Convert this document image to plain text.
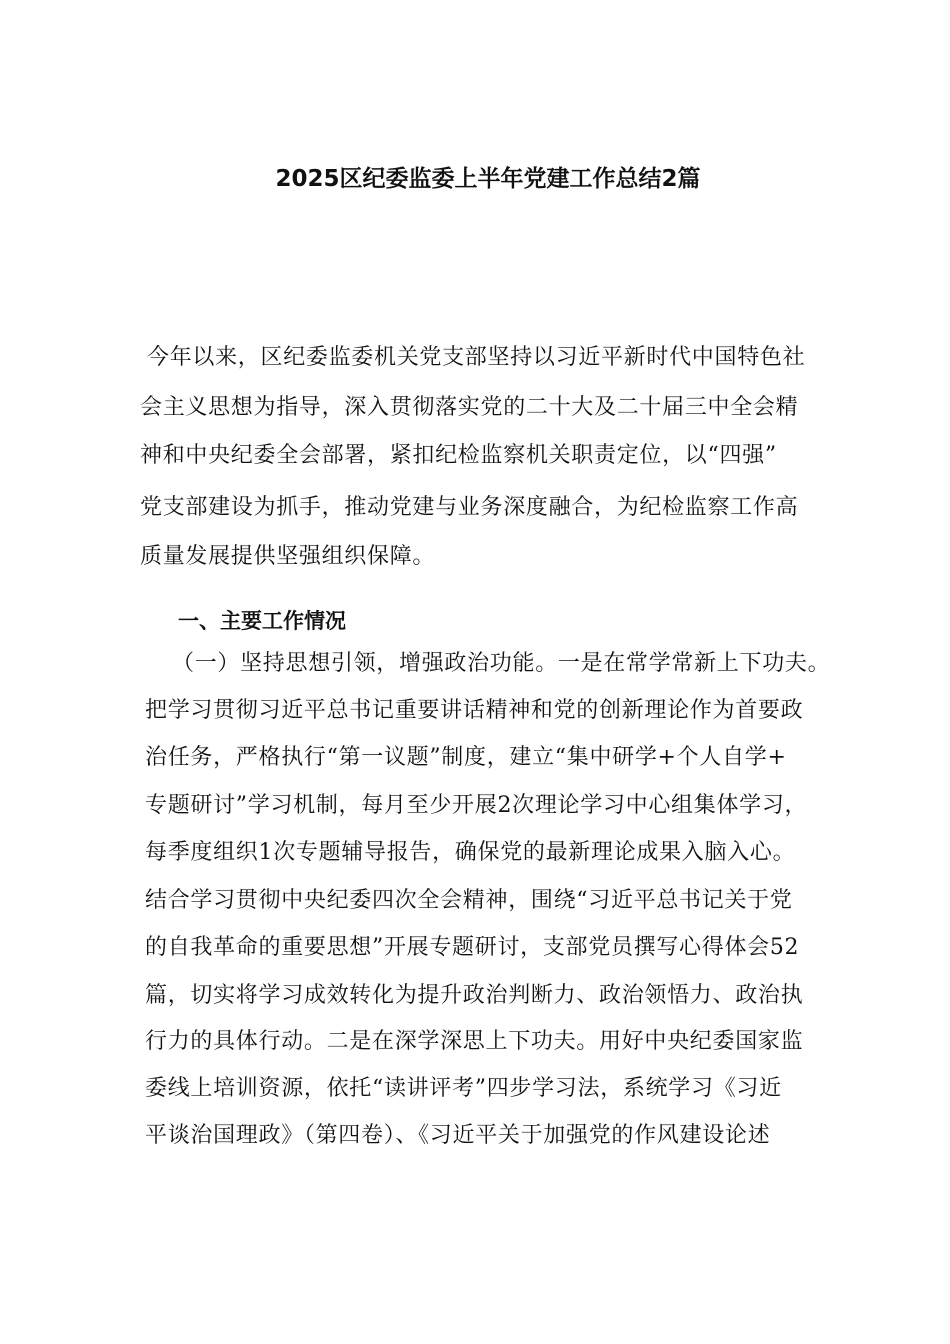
2025区纪委监委上半年党建工作总结2篇
今年以来，区纪委监委机关党支部坚持以习近平新时代中国特色社
会主义思想为指导，深入贯彻落实党的二十大及二十届三中全会精
神和中央纪委全会部署，紧扣纪检监察机关职责定位，以“四强”
党支部建设为抓手，推动党建与业务深度融合，为纪检监察工作高
质量发展提供坚强组织保障。
一、主要工作情况
（一）坚持思想引领，增强政治功能。一是在常学常新上下功夫。
把学习贯彻习近平总书记重要讲话精神和党的创新理论作为首要政
治任务，严格执行“第一议题”制度，建立“集中研学+个人自学+
专题研讨”学习机制，每月至少开展2次理论学习中心组集体学习，
每季度组织1次专题辅导报告，确保党的最新理论成果入脑入心。
结合学习贯彻中央纪委四次全会精神，围绕“习近平总书记关于党
的自我革命的重要思想”开展专题研讨，支部党员撰写心得体会52
篇，切实将学习成效转化为提升政治判断力、政治领悟力、政治执
行力的具体行动。二是在深学深思上下功夫。用好中央纪委国家监
委线上培训资源，依托“读讲评考”四步学习法，系统学习《习近
平谈治国理政》（第四卷）、《习近平关于加强党的作风建设论述
